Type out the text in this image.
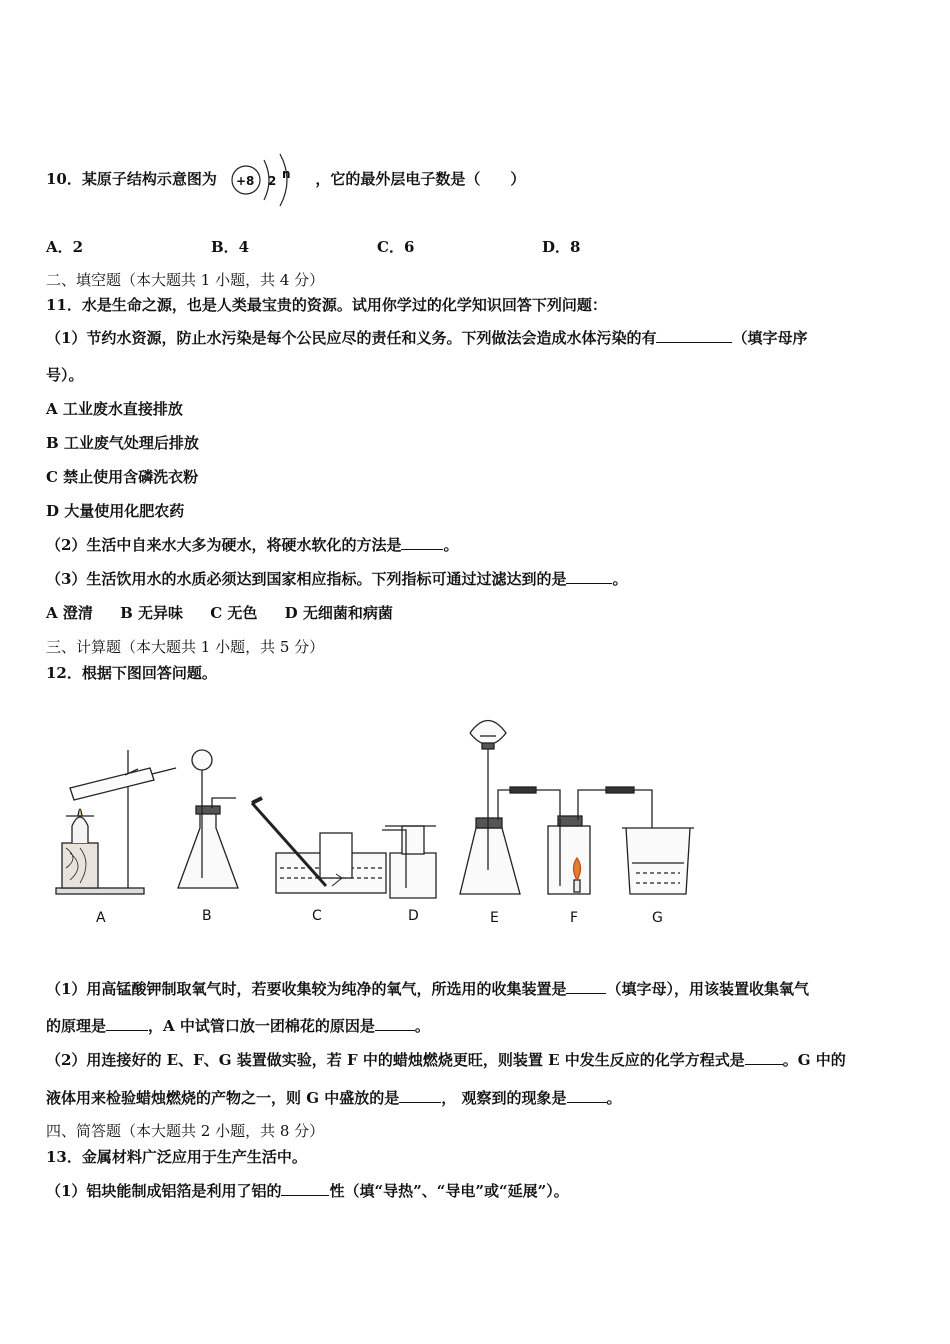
10．某原子结构示意图为 +8 2 n ，它的最外层电子数是（　　）
A．2	B．4	C．6	D．8
二、填空题（本大题共 1 小题，共 4 分）
11．水是生命之源，也是人类最宝贵的资源。试用你学过的化学知识回答下列问题：
（1）节约水资源，防止水污染是每个公民应尽的责任和义务。下列做法会造成水体污染的有	（填字母序
号）。
A 工业废水直接排放
B 工业废气处理后排放
C 禁止使用含磷洗衣粉
D 大量使用化肥农药
（2）生活中自来水大多为硬水，将硬水软化的方法是	。
（3）生活饮用水的水质必须达到国家相应指标。下列指标可通过过滤达到的是	。
A 澄清 B 无异味 C 无色 D 无细菌和病菌
三、计算题（本大题共 1 小题，共 5 分）
12．根据下图回答问题。
A	B	C	D	E	F	G
（1）用高锰酸钾制取氧气时，若要收集较为纯净的氧气，所选用的收集装置是	（填字母），用该装置收集氧气
的原理是	，A 中试管口放一团棉花的原因是	。
（2）用连接好的 E、F、G 装置做实验，若 F 中的蜡烛燃烧更旺，则装置 E 中发生反应的化学方程式是	。G 中的
液体用来检验蜡烛燃烧的产物之一，则 G 中盛放的是	， 观察到的现象是	。
四、简答题（本大题共 2 小题，共 8 分）
13．金属材料广泛应用于生产生活中。
（1）铝块能制成铝箔是利用了铝的	性（填“导热”、“导电”或“延展”）。
